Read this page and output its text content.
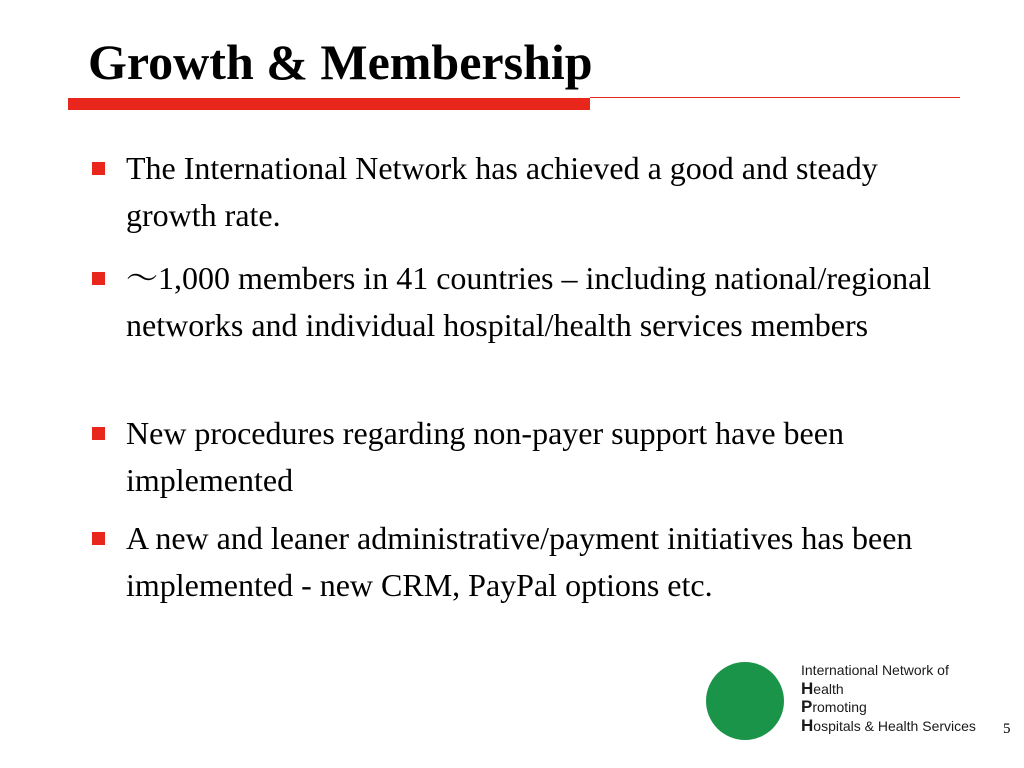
Growth & Membership
The International Network has achieved a good and steady growth rate.
～1,000 members in 41 countries – including national/regional networks and individual hospital/health services members
New procedures regarding non-payer support have been implemented
A new and leaner administrative/payment initiatives has been implemented - new CRM, PayPal options etc.
International Network of
Health
Promoting
Hospitals & Health Services 5
